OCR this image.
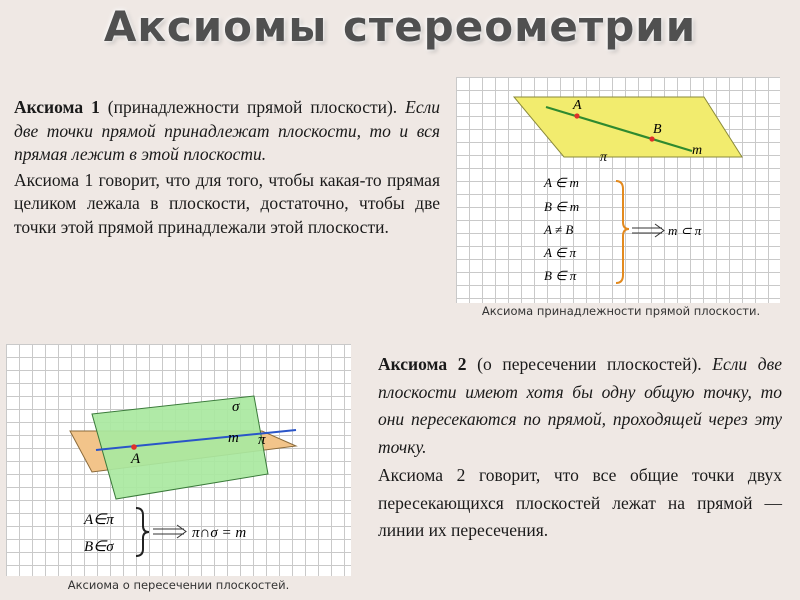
Аксиомы стереометрии

Аксиома 1 (принадлежности прямой плоскости). Если две точки прямой принадлежат плоскости, то и вся прямая лежит в этой плоскости.

Аксиома 1 говорит, что для того, чтобы какая-то прямая целиком лежала в плоскости, достаточно, чтобы две точки этой прямой принадлежали этой плоскости.

A
B
m
π
A ∈ m
B ∈ m
A ≠ B
A ∈ π
B ∈ π
m ⊂ π
Аксиома принадлежности прямой плоскости.
A
m π
σ
A∈π
B∈σ
π∩σ = m
Аксиома о пересечении плоскостей.

Аксиома 2 (о пересечении плоскостей). Если две плоскости имеют хотя бы одну общую точку, то они пересекаются по прямой, проходящей через эту точку.

Аксиома 2 говорит, что все общие точки двух пересекающихся плоскостей лежат на прямой — линии их пересечения.
